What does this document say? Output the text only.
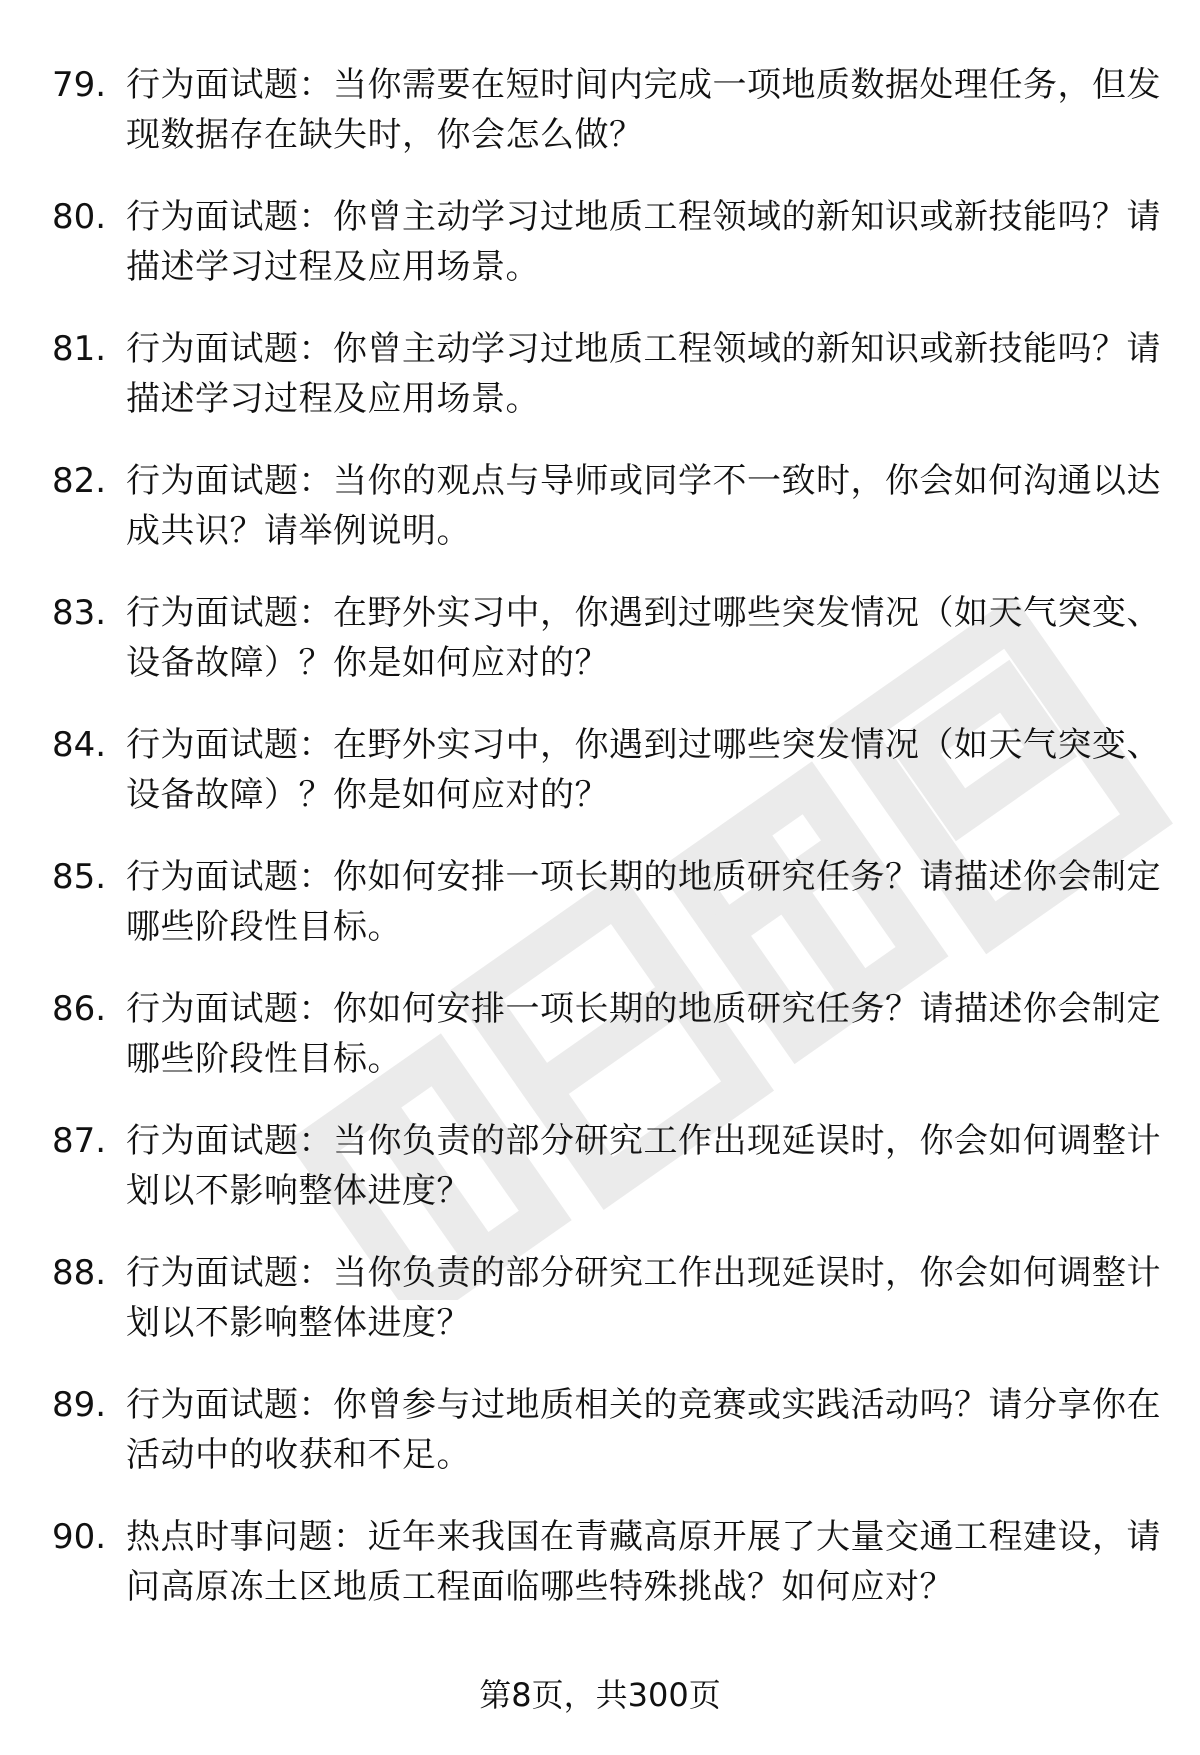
79. 行为面试题：当你需要在短时间内完成一项地质数据处理任务，但发现数据存在缺失时，你会怎么做？
80. 行为面试题：你曾主动学习过地质工程领域的新知识或新技能吗？请描述学习过程及应用场景。
81. 行为面试题：你曾主动学习过地质工程领域的新知识或新技能吗？请描述学习过程及应用场景。
82. 行为面试题：当你的观点与导师或同学不一致时，你会如何沟通以达成共识？请举例说明。
83. 行为面试题：在野外实习中，你遇到过哪些突发情况（如天气突变、设备故障）？你是如何应对的？
84. 行为面试题：在野外实习中，你遇到过哪些突发情况（如天气突变、设备故障）？你是如何应对的？
85. 行为面试题：你如何安排一项长期的地质研究任务？请描述你会制定哪些阶段性目标。
86. 行为面试题：你如何安排一项长期的地质研究任务？请描述你会制定哪些阶段性目标。
87. 行为面试题：当你负责的部分研究工作出现延误时，你会如何调整计划以不影响整体进度？
88. 行为面试题：当你负责的部分研究工作出现延误时，你会如何调整计划以不影响整体进度？
89. 行为面试题：你曾参与过地质相关的竞赛或实践活动吗？请分享你在活动中的收获和不足。
90. 热点时事问题：近年来我国在青藏高原开展了大量交通工程建设，请问高原冻土区地质工程面临哪些特殊挑战？如何应对？
第8页，共300页
